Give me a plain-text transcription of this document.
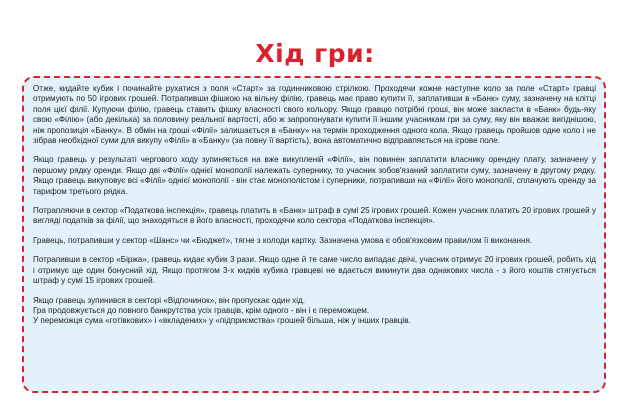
Хід гри:

Отже, кидайте кубик і починайте рухатися з поля «Старт» за годинниковою стрілкою. Проходячи кожне наступне коло за поле «Старт» гравці отримують по 50 ігрових грошей. Потрапивши фішкою на вільну філію, гравець має право купити її, заплативши в «Банк» суму, зазначену на клітці поля цієї філії. Купуючи філію, гравець ставить фішку власності свого кольору. Якщо гравцю потрібні гроші, він може закласти в «Банк» будь-яку свою «Філію» (або декілька) за половину реальної вартості, або ж запропонувати купити її іншим учасникам гри за суму, яку він вважає вигіднішою, ніж пропозиція «Банку». В обмін на гроші «Філії» залишається в «Банку» на термін проходження одного кола. Якщо гравець пройшов одне коло і не зібрав необхідної суми для викупу «Філії» в «Банку» (за повну її вартість), вона автоматично відправляється на ігрове поле.

Якщо гравець у результаті чергового ходу зупиняється на вже викупленій «Філії», він повинен заплатити власнику орендну плату, зазначену у першому рядку оренди. Якщо дві «Філії» однієї монополії належать супернику, то учасник зобов'язаний заплатити суму, зазначену в другому рядку. Якщо гравець викуповує всі «Філії» однієї монополії - він стає монополістом і суперники, потрапивши на «Філії» його монополії, сплачують оренду за тарифом третього рядка.

Потрапляючи в сектор «Податкова інспекція», гравець платить в «Банк» штраф в сумі 25 ігрових грошей. Кожен учасник платить 20 ігрових грошей у вигляді податків за філії, що знаходяться в його власності, проходячи коло сектора «Податкова інспекція».

Гравець, потрапивши у сектор «Шанс» чи «Бюджет», тягне з колоди картку. Зазначена умова є обов'язковим правилом її виконання.

Потрапивши в сектор «Біржа», гравець кидає кубик 3 рази. Якщо одне й те саме число випадає двічі, учасник отримує 20 ігрових грошей, робить хід і отримує ще один бонусний хід. Якщо протягом 3-х кидків кубика гравцеві не вдається викинути два однакових числа - з його коштів стягується штраф у сумі 15 ігрових грошей.

Якщо гравець зупинився в секторі «Відпочинок», він пропускає один хід.

Гра продовжується до повного банкрутства усіх гравців, крім одного - він і є переможцем.

У переможця сума «готівкових» і «вкладених» у «підприємства» грошей більша, ніж у інших гравців.
